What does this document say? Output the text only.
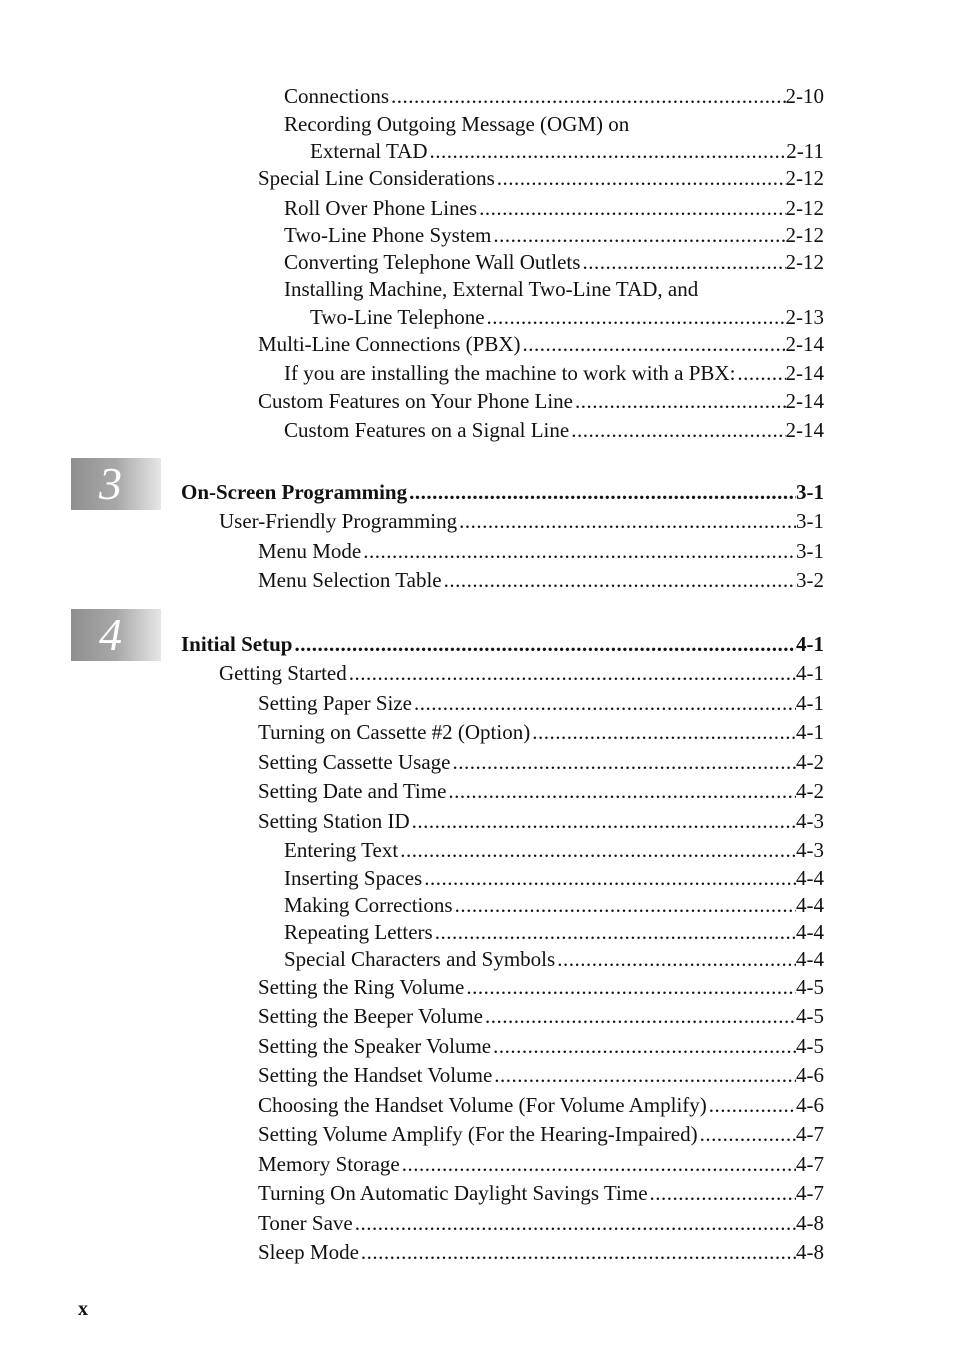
Connections .....	2-10
Recording Outgoing Message (OGM) on
External TAD .....	2-11
Special Line Considerations .....	2-12
Roll Over Phone Lines .....	2-12
Two-Line Phone System .....	2-12
Converting Telephone Wall Outlets .....	2-12
Installing Machine, External Two-Line TAD, and
Two-Line Telephone .....	2-13
Multi-Line Connections (PBX) .....	2-14
If you are installing the machine to work with a PBX: ..... 2-14
Custom Features on Your Phone Line .....	2-14
Custom Features on a Signal Line .....	2-14
3	On-Screen Programming .....	3-1
User-Friendly Programming .....	3-1
Menu Mode .....	3-1
Menu Selection Table .....	3-2
4	Initial Setup .....	4-1
Getting Started .....	4-1
Setting Paper Size .....	4-1
Turning on Cassette #2 (Option) .....	4-1
Setting Cassette Usage .....	4-2
Setting Date and Time .....	4-2
Setting Station ID .....	4-3
Entering Text .....	4-3
Inserting Spaces .....	4-4
Making Corrections .....	4-4
Repeating Letters .....	4-4
Special Characters and Symbols .....	4-4
Setting the Ring Volume .....	4-5
Setting the Beeper Volume .....	4-5
Setting the Speaker Volume .....	4-5
Setting the Handset Volume .....	4-6
Choosing the Handset Volume (For Volume Amplify) .....	4-6
Setting Volume Amplify (For the Hearing-Impaired) .....	4-7
Memory Storage .....	4-7
Turning On Automatic Daylight Savings Time .....	4-7
Toner Save .....	4-8
Sleep Mode .....	4-8
x
